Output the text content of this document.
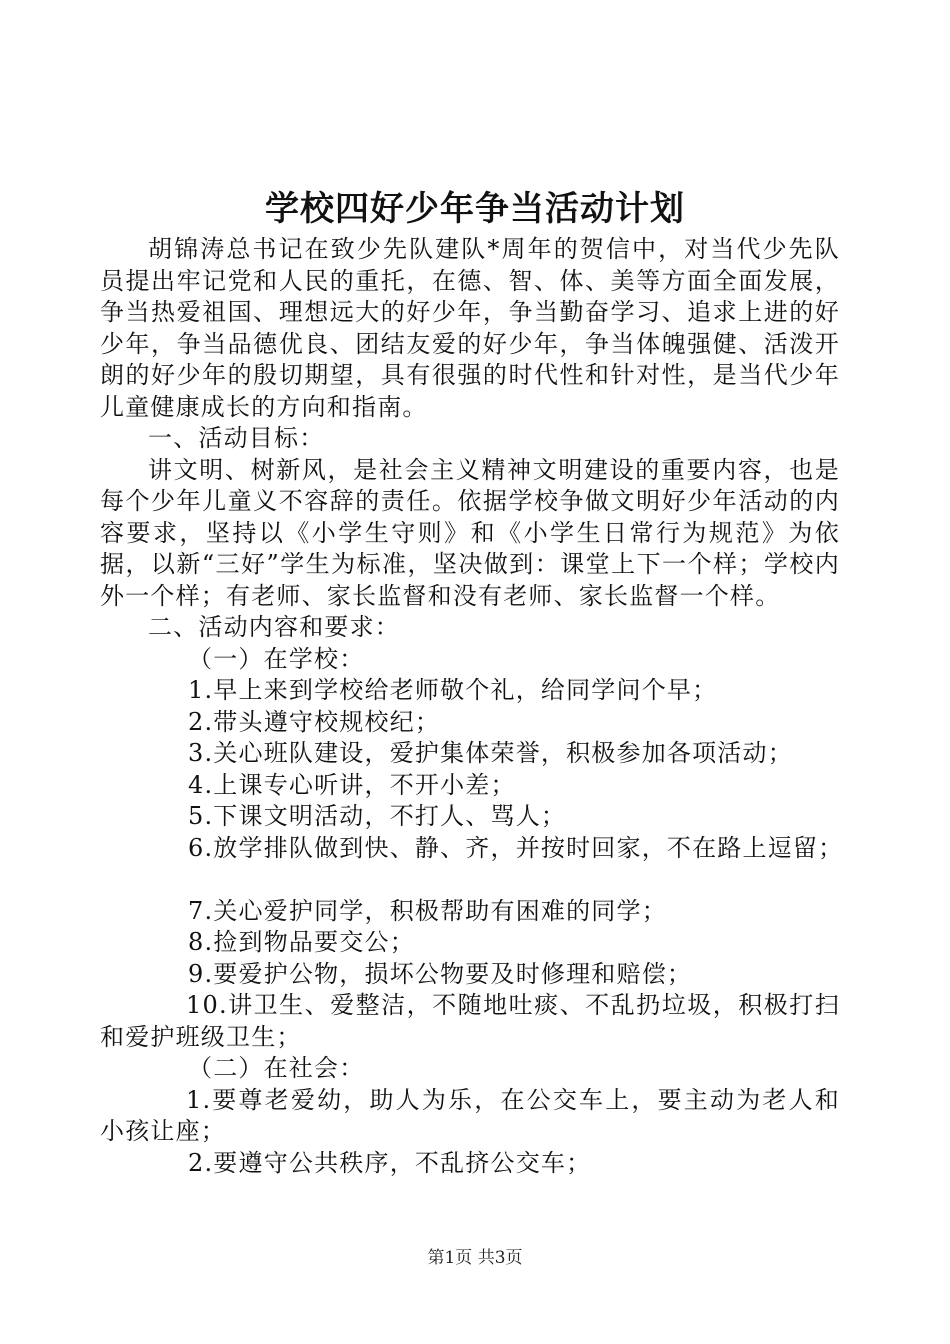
学校四好少年争当活动计划

胡锦涛总书记在致少先队建队*周年的贺信中，对当代少先队员提出牢记党和人民的重托，在德、智、体、美等方面全面发展，争当热爱祖国、理想远大的好少年，争当勤奋学习、追求上进的好少年，争当品德优良、团结友爱的好少年，争当体魄强健、活泼开朗的好少年的殷切期望，具有很强的时代性和针对性，是当代少年儿童健康成长的方向和指南。

一、活动目标：

讲文明、树新风，是社会主义精神文明建设的重要内容，也是每个少年儿童义不容辞的责任。依据学校争做文明好少年活动的内容要求，坚持以《小学生守则》和《小学生日常行为规范》为依据，以新“三好”学生为标准，坚决做到：课堂上下一个样；学校内外一个样；有老师、家长监督和没有老师、家长监督一个样。

二、活动内容和要求：

（一）在学校：

1.早上来到学校给老师敬个礼，给同学问个早；

2.带头遵守校规校纪；

3.关心班队建设，爱护集体荣誉，积极参加各项活动；

4.上课专心听讲，不开小差；

5.下课文明活动，不打人、骂人；

6.放学排队做到快、静、齐，并按时回家，不在路上逗留；

7.关心爱护同学，积极帮助有困难的同学；

8.捡到物品要交公；

9.要爱护公物，损坏公物要及时修理和赔偿；

10.讲卫生、爱整洁，不随地吐痰、不乱扔垃圾，积极打扫和爱护班级卫生；

（二）在社会：

1.要尊老爱幼，助人为乐，在公交车上，要主动为老人和小孩让座；

2.要遵守公共秩序，不乱挤公交车；

第1页 共3页
